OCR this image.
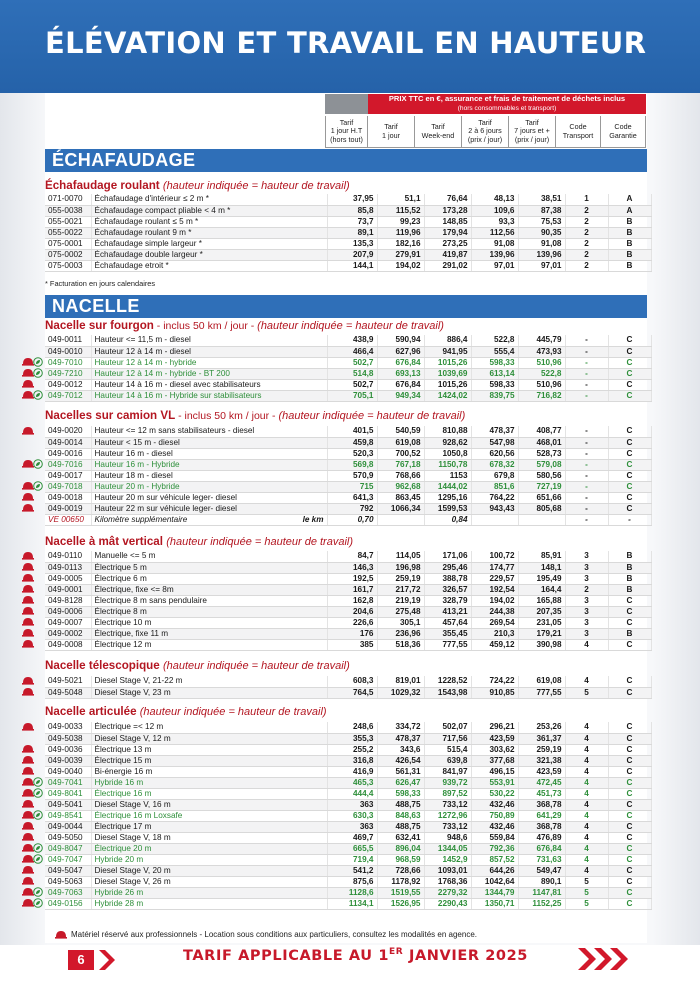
ÉLÉVATION ET TRAVAIL EN HAUTEUR
PRIX TTC en €, assurance et frais de traitement de déchets inclus
(hors consommables et transport)
Tarif
1 jour H.T
(hors tout)
Tarif
1 jour
Tarif
Week-end
Tarif
2 à 6 jours
(prix / jour)
Tarif
7 jours et +
(prix / jour)
Code
Transport
Code
Garantie
ÉCHAFAUDAGE
Échafaudage roulant (hauteur indiquée = hauteur de travail)
071-0070	Échafaudage d'intérieur ≤ 2 m *	37,95	51,1	76,64	48,13	38,51	1	A
055-0038	Échafaudage compact pliable < 4 m *	85,8	115,52	173,28	109,6	87,38	2	A
055-0021	Échafaudage roulant ≤ 5 m *	73,7	99,23	148,85	93,3	75,53	2	B
055-0022	Échafaudage roulant 9 m *	89,1	119,96	179,94	112,56	90,35	2	B
075-0001	Échafaudage simple largeur *	135,3	182,16	273,25	91,08	91,08	2	B
075-0002	Échafaudage double largeur *	207,9	279,91	419,87	139,96	139,96	2	B
075-0003	Échafaudage etroit *	144,1	194,02	291,02	97,01	97,01	2	B
* Facturation en jours calendaires
NACELLE
Nacelle sur fourgon - inclus 50 km / jour - (hauteur indiquée = hauteur de travail)
049-0011	Hauteur <= 11,5 m - diesel	438,9	590,94	886,4	522,8	445,79	-	C
049-0010	Hauteur 12 à 14 m - diesel	466,4	627,96	941,95	555,4	473,93	-	C
049-7010	Hauteur 12 à 14 m - hybride	502,7	676,84	1015,26	598,33	510,96	-	C
049-7210	Hauteur 12 à 14 m - hybride - BT 200	514,8	693,13	1039,69	613,14	522,8	-	C
049-0012	Hauteur 14 à 16 m - diesel avec stabilisateurs	502,7	676,84	1015,26	598,33	510,96	-	C
049-7012	Hauteur 14 à 16 m - Hybride sur stabilisateurs	705,1	949,34	1424,02	839,75	716,82	-	C
Nacelles sur camion VL - inclus 50 km / jour - (hauteur indiquée = hauteur de travail)
049-0020	Hauteur <= 12 m sans stabilisateurs - diesel	401,5	540,59	810,88	478,37	408,77	-	C
049-0014	Hauteur < 15 m - diesel	459,8	619,08	928,62	547,98	468,01	-	C
049-0016	Hauteur 16 m - diesel	520,3	700,52	1050,8	620,56	528,73	-	C
049-7016	Hauteur 16 m - Hybride	569,8	767,18	1150,78	678,32	579,08	-	C
049-0017	Hauteur 18 m - diesel	570,9	768,66	1153	679,8	580,56	-	C
049-7018	Hauteur 20 m - Hybride	715	962,68	1444,02	851,6	727,19	-	C
049-0018	Hauteur 20 m sur véhicule leger- diesel	641,3	863,45	1295,16	764,22	651,66	-	C
049-0019	Hauteur 22 m sur véhicule leger- diesel	792	1066,34	1599,53	943,43	805,68	-	C
VE 00650	Kilomètre supplémentaire le km	0,70		0,84			-	-
Nacelle à mât vertical (hauteur indiquée = hauteur de travail)
049-0110	Manuelle <= 5 m	84,7	114,05	171,06	100,72	85,91	3	B
049-0113	Électrique 5 m	146,3	196,98	295,46	174,77	148,1	3	B
049-0005	Électrique 6 m	192,5	259,19	388,78	229,57	195,49	3	B
049-0001	Électrique, fixe <= 8m	161,7	217,72	326,57	192,54	164,4	2	B
049-8128	Électrique 8 m sans pendulaire	162,8	219,19	328,79	194,02	165,88	3	C
049-0006	Électrique 8 m	204,6	275,48	413,21	244,38	207,35	3	C
049-0007	Électrique 10 m	226,6	305,1	457,64	269,54	231,05	3	C
049-0002	Électrique, fixe 11 m	176	236,96	355,45	210,3	179,21	3	B
049-0008	Électrique 12 m	385	518,36	777,55	459,12	390,98	4	C
Nacelle télescopique (hauteur indiquée = hauteur de travail)
049-5021	Diesel Stage V, 21-22 m	608,3	819,01	1228,52	724,22	619,08	4	C
049-5048	Diesel Stage V, 23 m	764,5	1029,32	1543,98	910,85	777,55	5	C
Nacelle articulée (hauteur indiquée = hauteur de travail)
049-0033	Électrique =< 12 m	248,6	334,72	502,07	296,21	253,26	4	C
049-5038	Diesel Stage V, 12 m	355,3	478,37	717,56	423,59	361,37	4	C
049-0036	Électrique 13 m	255,2	343,6	515,4	303,62	259,19	4	C
049-0039	Électrique 15 m	316,8	426,54	639,8	377,68	321,38	4	C
049-0040	Bi-énergie 16 m	416,9	561,31	841,97	496,15	423,59	4	C
049-7041	Hybride 16 m	465,3	626,47	939,72	553,91	472,45	4	C
049-8041	Électrique 16 m	444,4	598,33	897,52	530,22	451,73	4	C
049-5041	Diesel Stage V, 16 m	363	488,75	733,12	432,46	368,78	4	C
049-8541	Électrique 16 m Loxsafe	630,3	848,63	1272,96	750,89	641,29	4	C
049-0044	Électrique 17 m	363	488,75	733,12	432,46	368,78	4	C
049-5050	Diesel Stage V, 18 m	469,7	632,41	948,6	559,84	476,89	4	C
049-8047	Électrique 20 m	665,5	896,04	1344,05	792,36	676,84	4	C
049-7047	Hybride 20 m	719,4	968,59	1452,9	857,52	731,63	4	C
049-5047	Diesel Stage V, 20 m	541,2	728,66	1093,01	644,26	549,47	4	C
049-5063	Diesel Stage V, 26 m	875,6	1178,92	1768,36	1042,64	890,1	5	C
049-7063	Hybride 26 m	1128,6	1519,55	2279,32	1344,79	1147,81	5	C
049-0156	Hybride 28 m	1134,1	1526,95	2290,43	1350,71	1152,25	5	C
Matériel réservé aux professionnels - Location sous conditions aux particuliers, consultez les modalités en agence.
6	TARIF APPLICABLE AU 1ER JANVIER 2025
